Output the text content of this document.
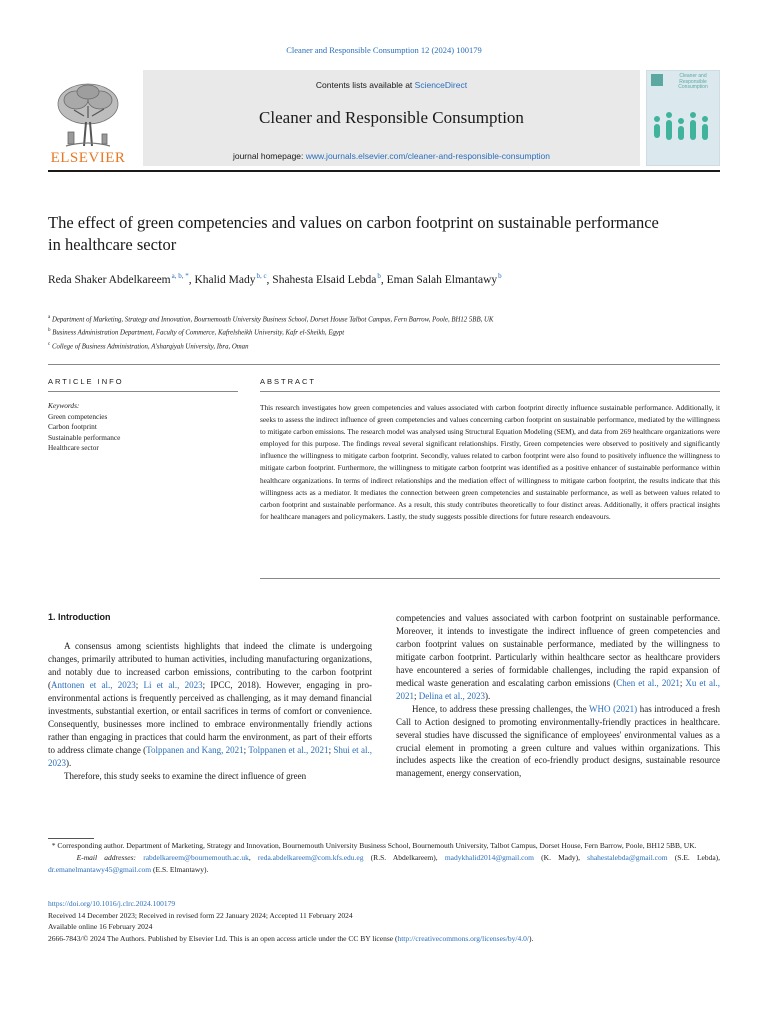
Cleaner and Responsible Consumption 12 (2024) 100179
Contents lists available at ScienceDirect
Cleaner and Responsible Consumption
journal homepage: www.journals.elsevier.com/cleaner-and-responsible-consumption
ELSEVIER
Cleaner and Responsible Consumption
The effect of green competencies and values on carbon footprint on sustainable performance in healthcare sector
Reda Shaker Abdelkareem $^{a, b, *}$, Khalid Mady $^{b, c}$, Shahesta Elsaid Lebda $^b$, Eman Salah Elmantawy $^b$
$^a$ Department of Marketing, Strategy and Innovation, Bournemouth University Business School, Dorset House Talbot Campus, Fern Barrow, Poole, BH12 5BB, UK
$^b$ Business Administration Department, Faculty of Commerce, Kafrelsheikh University, Kafr el-Sheikh, Egypt
$^c$ College of Business Administration, A'sharqiyah University, Ibra, Oman
ARTICLE INFO	ABSTRACT
Keywords:
Green competencies
Carbon footprint
Sustainable performance
Healthcare sector
This research investigates how green competencies and values associated with carbon footprint directly influence sustainable performance. Additionally, it seeks to assess the indirect influence of green competencies and values concerning carbon footprint on sustainable performance, mediated by the willingness to mitigate carbon emissions. The research model was analysed using Structural Equation Modeling (SEM), and data from 269 healthcare organizations were employed for this purpose. The findings reveal several significant relationships. Firstly, Green competencies were observed to positively and significantly influence the willingness to mitigate carbon footprint. Secondly, values related to carbon footprint were also found to positively influence the willingness to mitigate carbon footprint. Furthermore, the willingness to mitigate carbon footprint was identified as a positive enhancer of sustainable performance within healthcare organizations. In terms of indirect relationships and the mediation effect of willingness to mitigate carbon footprint, the results indicate that this willingness acts as a mediator. It mediates the connection between green competencies and sustainable performance, as well as between values related to carbon footprint and sustainable performance. As a result, this study contributes theoretically to four distinct areas. Additionally, it offers practical insights for healthcare managers and policymakers. Lastly, the study suggests possible directions for future research endeavours.
1. Introduction

A consensus among scientists highlights that indeed the climate is undergoing changes, primarily attributed to human activities, including manufacturing organizations, and notably due to increased carbon emissions, contributing to the carbon footprint (Anttonen et al., 2023; Li et al., 2023; IPCC, 2018). However, engaging in pro-environmental actions is frequently perceived as challenging, as it may demand financial investments, substantial exertion, or entail sacrifices in terms of comfort or convenience. Consequently, businesses more inclined to embrace environmentally friendly actions rather than engaging in practices that could harm the environment, as part of their efforts to address climate change (Tolppanen and Kang, 2021; Tolppanen et al., 2021; Shui et al., 2023).

Therefore, this study seeks to examine the direct influence of green

competencies and values associated with carbon footprint on sustainable performance. Moreover, it intends to investigate the indirect influence of green competencies and carbon footprint values on sustainable performance, mediated by the willingness to mitigate carbon footprint. Particularly within healthcare sector as healthcare providers have encountered a series of formidable challenges, including the rapid expansion of medical waste generation and escalating carbon emissions (Chen et al., 2021; Xu et al., 2021; Delina et al., 2023).

Hence, to address these pressing challenges, the WHO (2021) has introduced a fresh Call to Action designed to promoting environmentally-friendly practices in healthcare. several studies have discussed the significance of employees' environmental values as a crucial element in promoting a green culture and values within organizations. This includes aspects like the creation of eco-friendly product designs, sustainable resource management, energy conservation,

* Corresponding author. Department of Marketing, Strategy and Innovation, Bournemouth University Business School, Bournemouth University, Talbot Campus, Dorset House, Fern Barrow, Poole, BH12 5BB, UK.
E-mail addresses: rabdelkareem@bournemouth.ac.uk, reda.abdelkareem@com.kfs.edu.eg (R.S. Abdelkareem), madykhalid2014@gmail.com (K. Mady), shahestalebda@gmail.com (S.E. Lebda), dr.emanelmantawy45@gmail.com (E.S. Elmantawy).
https://doi.org/10.1016/j.clrc.2024.100179
Received 14 December 2023; Received in revised form 22 January 2024; Accepted 11 February 2024
Available online 16 February 2024
2666-7843/© 2024 The Authors. Published by Elsevier Ltd. This is an open access article under the CC BY license (http://creativecommons.org/licenses/by/4.0/).
